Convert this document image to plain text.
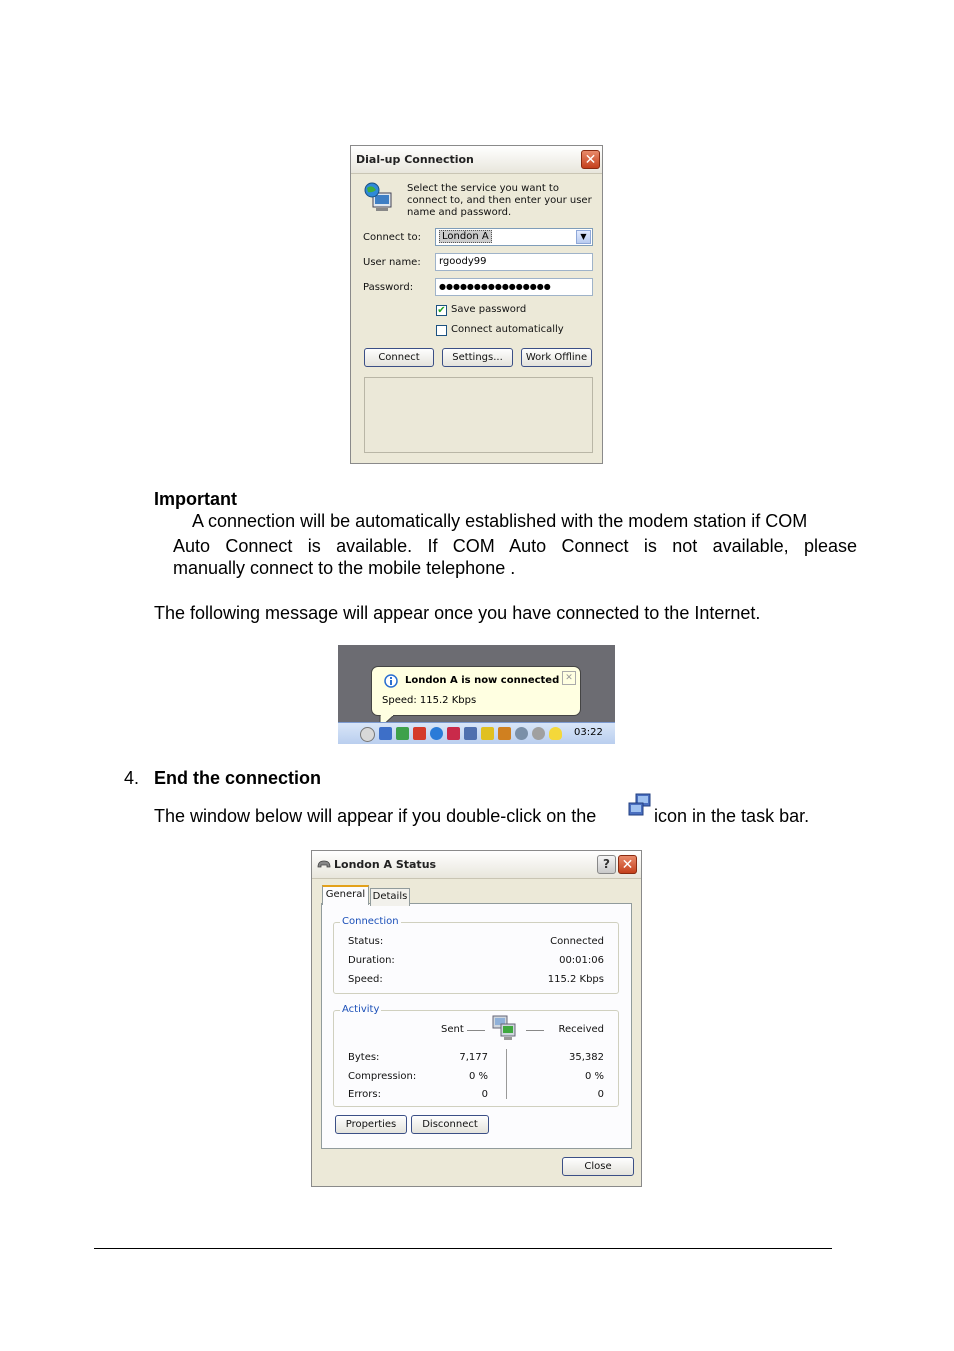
Dial-up Connection	✕
Select the service you want to connect to, and then enter your user name and password.
Connect to:	London A	▼
User name:	rgoody99
Password:	●●●●●●●●●●●●●●●●
✔ Save password
Connect automatically
Connect	Settings...	Work Offline
Important
A connection will be automatically established with the modem station if COM
Auto Connect is available. If COM Auto Connect is not available, please
manually connect to the mobile telephone .
The following message will appear once you have connected to the Internet.
London A is now connected
Speed: 115.2 Kbps
✕
03:22
4. End the connection
The window below will appear if you double-click on the	icon in the task bar.
London A Status	? ✕
General Details
Connection
Status:	Connected
Duration:	00:01:06
Speed:	115.2 Kbps
Activity
Sent	Received
Bytes:	7,177	35,382
Compression:	0 %	0 %
Errors:	0	0
Properties	Disconnect
Close
